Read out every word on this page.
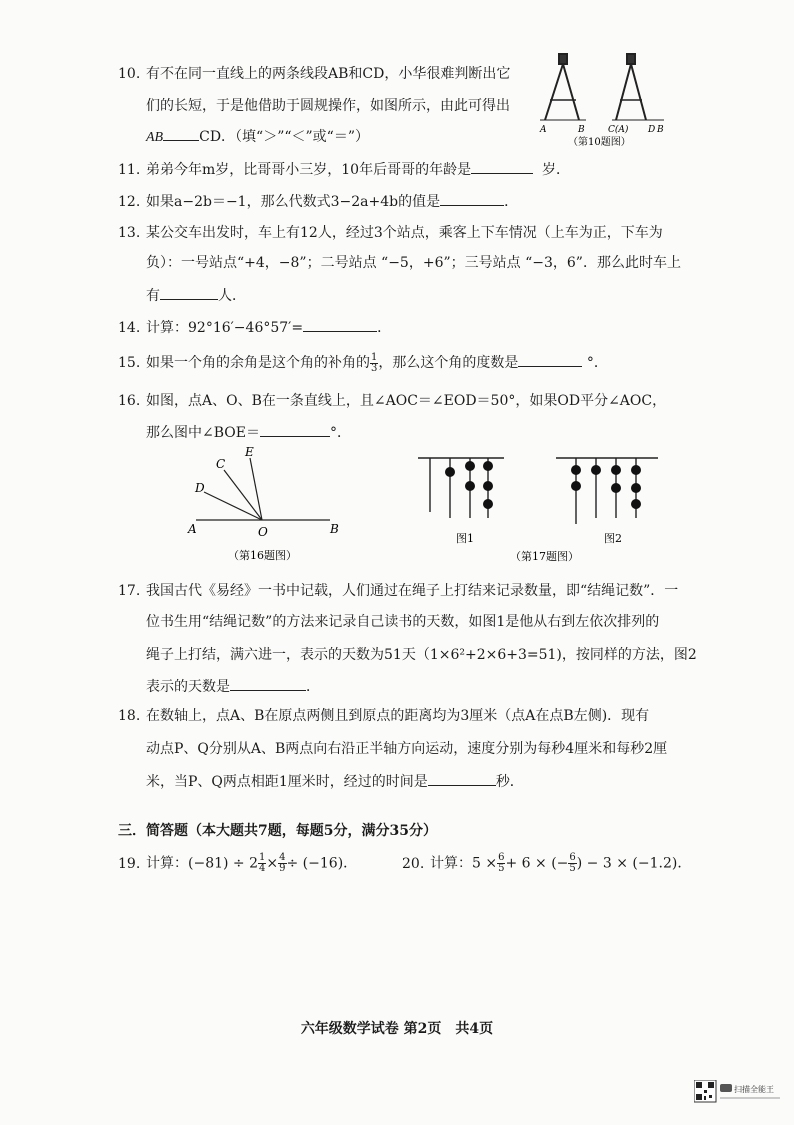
10. 有不在同一直线上的两条线段AB和CD，小华很难判断出它
们的长短，于是他借助于圆规操作，如图所示，由此可得出
AB	CD．（填“＞”“＜”或“＝”）	A	B	C(A) D B
（第10题图）
11. 弟弟今年m岁，比哥哥小三岁，10年后哥哥的年龄是	岁．
12. 如果a−2b＝−1，那么代数式3−2a+4b的值是	．
13. 某公交车出发时，车上有12人，经过3个站点，乘客上下车情况（上车为正，下车为
负）：一号站点“+4，−8”；二号站点 “−5，+6”；三号站点 “−3，6”．那么此时车上
有	人．
14. 计算：92°16′−46°57′=	．
15. 如果一个角的余角是这个角的补角的 $\frac{1}{3}$ ，那么这个角的度数是	°．
16. 如图，点A、O、B在一条直线上，且∠AOC＝∠EOD＝50°，如果OD平分∠AOC，
那么图中∠BOE＝	°．
E
C
D
A	O	B
（第16题图）
图1	图2
（第17题图）
17. 我国古代《易经》一书中记载，人们通过在绳子上打结来记录数量，即“结绳记数”．一
位书生用“结绳记数”的方法来记录自己读书的天数，如图1是他从右到左依次排列的
绳子上打结，满六进一，表示的天数为51天（1×6²+2×6+3=51)，按同样的方法，图2
表示的天数是	．
18. 在数轴上，点A、B在原点两侧且到原点的距离均为3厘米（点A在点B左侧)．现有
动点P、Q分别从A、B两点向右沿正半轴方向运动，速度分别为每秒4厘米和每秒2厘
米，当P、Q两点相距1厘米时，经过的时间是	秒．
三．简答题（本大题共7题，每题5分，满分35分）
19. 计算：$(-81) \div 2 \frac{1}{4} \times \frac{4}{9} \div (-16)$．	20. 计算：$5 \times \frac{6}{5} + 6$ × (− $\frac{6}{5}$ ) − 3 × (−1.2)．
六年级数学试卷 第2页　共4页
扫描全能王
